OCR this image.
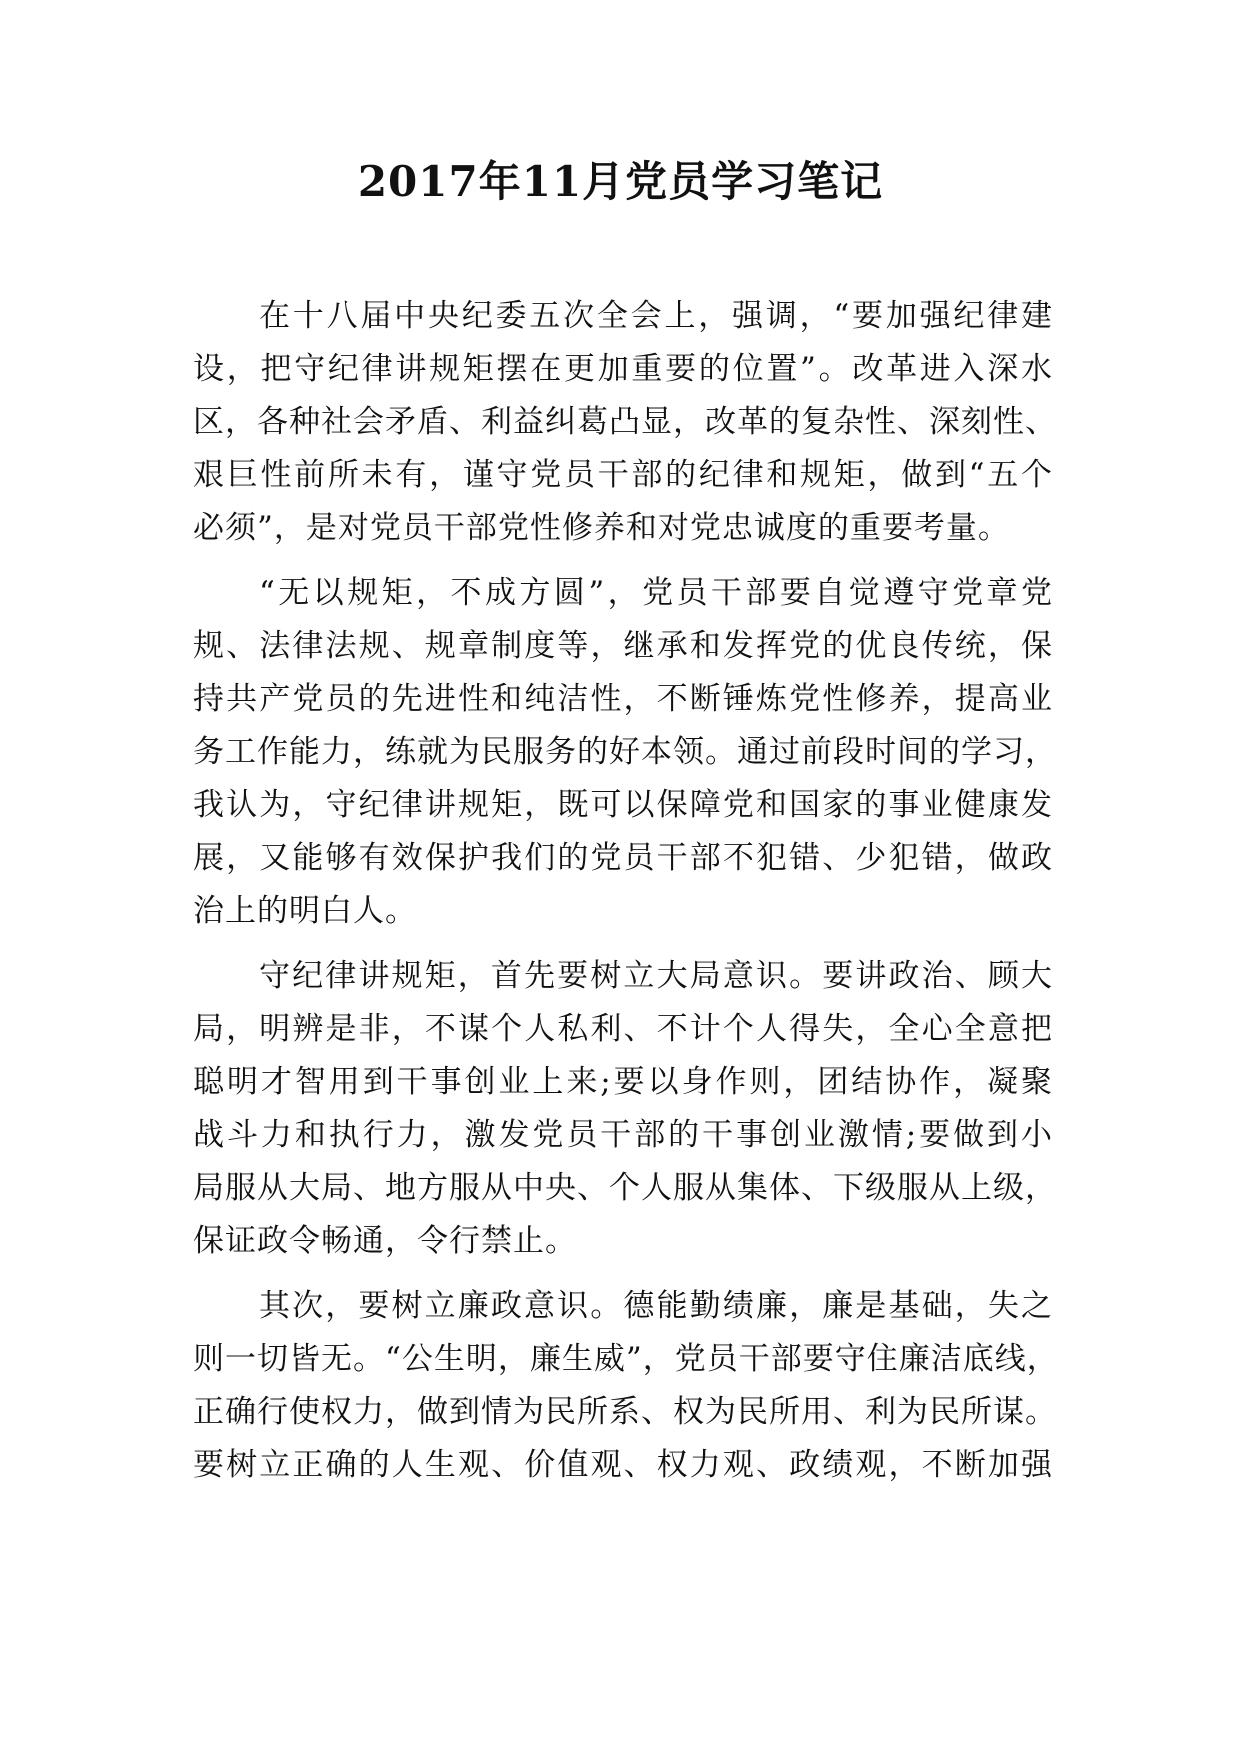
2017年11月党员学习笔记
在十八届中央纪委五次全会上，强调，“要加强纪律建
设，把守纪律讲规矩摆在更加重要的位置”。改革进入深水
区，各种社会矛盾、利益纠葛凸显，改革的复杂性、深刻性、
艰巨性前所未有，谨守党员干部的纪律和规矩，做到“五个
必须”，是对党员干部党性修养和对党忠诚度的重要考量。
“无以规矩，不成方圆”，党员干部要自觉遵守党章党
规、法律法规、规章制度等，继承和发挥党的优良传统，保
持共产党员的先进性和纯洁性，不断锤炼党性修养，提高业
务工作能力，练就为民服务的好本领。通过前段时间的学习，
我认为，守纪律讲规矩，既可以保障党和国家的事业健康发
展，又能够有效保护我们的党员干部不犯错、少犯错，做政
治上的明白人。
守纪律讲规矩，首先要树立大局意识。要讲政治、顾大
局，明辨是非，不谋个人私利、不计个人得失，全心全意把
聪明才智用到干事创业上来;要以身作则，团结协作，凝聚
战斗力和执行力，激发党员干部的干事创业激情;要做到小
局服从大局、地方服从中央、个人服从集体、下级服从上级，
保证政令畅通，令行禁止。
其次，要树立廉政意识。德能勤绩廉，廉是基础，失之
则一切皆无。“公生明，廉生威”，党员干部要守住廉洁底线，
正确行使权力，做到情为民所系、权为民所用、利为民所谋。
要树立正确的人生观、价值观、权力观、政绩观，不断加强
